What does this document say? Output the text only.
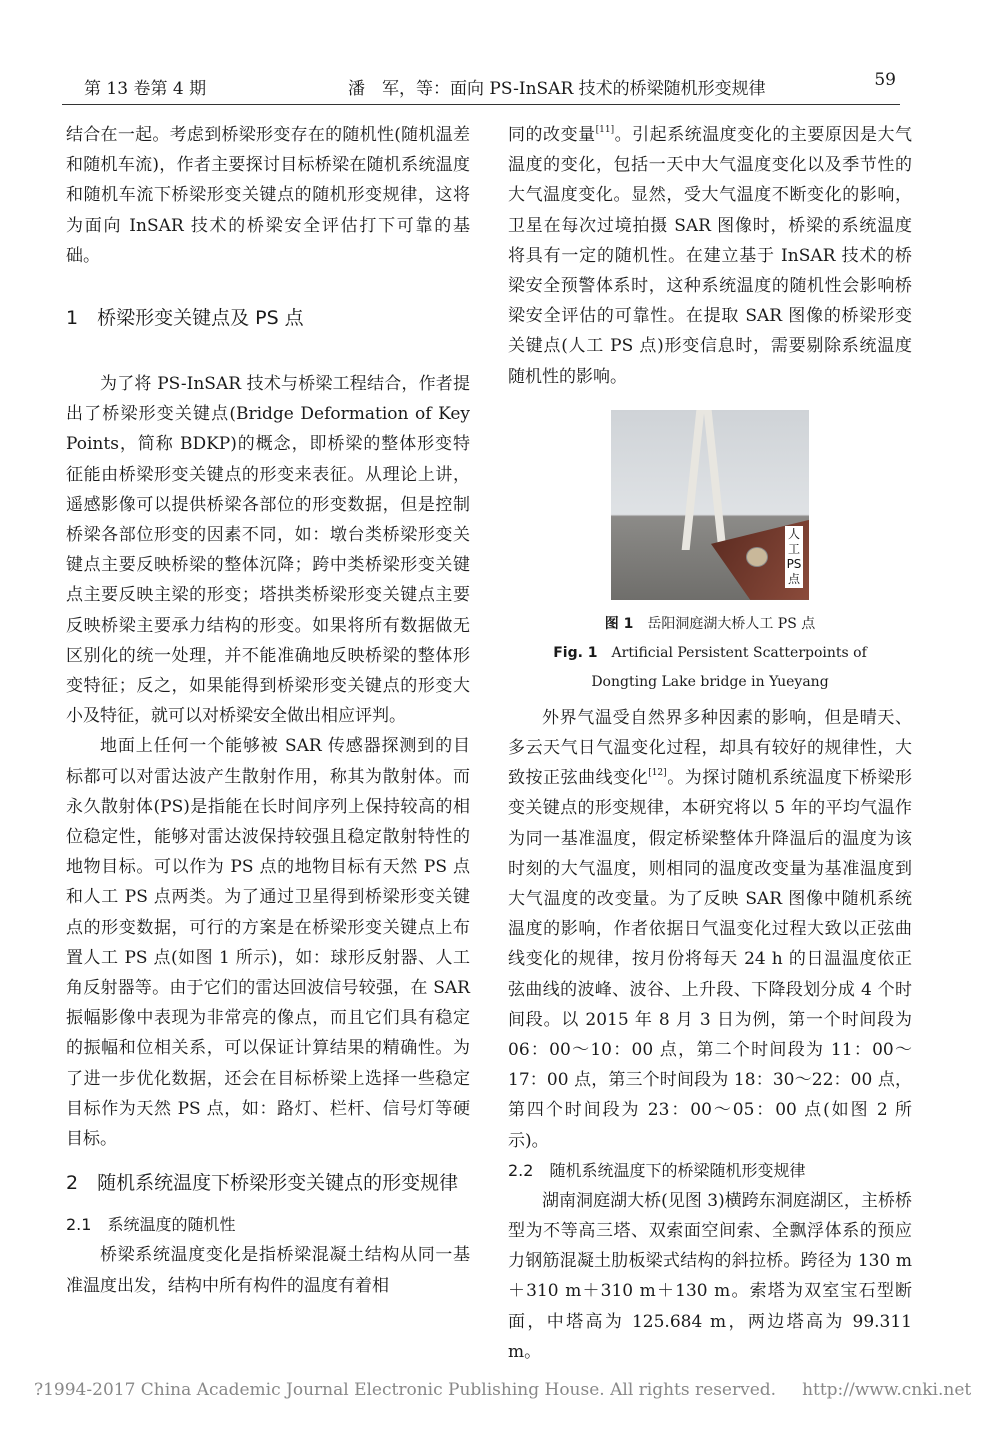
第 13 卷第 4 期	潘　军，等：面向 PS-InSAR 技术的桥梁随机形变规律	59

结合在一起。考虑到桥梁形变存在的随机性(随机温差和随机车流)，作者主要探讨目标桥梁在随机系统温度和随机车流下桥梁形变关键点的随机形变规律，这将为面向 InSAR 技术的桥梁安全评估打下可靠的基础。

1　桥梁形变关键点及 PS 点

为了将 PS-InSAR 技术与桥梁工程结合，作者提出了桥梁形变关键点(Bridge Deformation of Key Points，简称 BDKP)的概念，即桥梁的整体形变特征能由桥梁形变关键点的形变来表征。从理论上讲，遥感影像可以提供桥梁各部位的形变数据，但是控制桥梁各部位形变的因素不同，如：墩台类桥梁形变关键点主要反映桥梁的整体沉降；跨中类桥梁形变关键点主要反映主梁的形变；塔拱类桥梁形变关键点主要反映桥梁主要承力结构的形变。如果将所有数据做无区别化的统一处理，并不能准确地反映桥梁的整体形变特征；反之，如果能得到桥梁形变关键点的形变大小及特征，就可以对桥梁安全做出相应评判。

地面上任何一个能够被 SAR 传感器探测到的目标都可以对雷达波产生散射作用，称其为散射体。而永久散射体(PS)是指能在长时间序列上保持较高的相位稳定性，能够对雷达波保持较强且稳定散射特性的地物目标。可以作为 PS 点的地物目标有天然 PS 点和人工 PS 点两类。为了通过卫星得到桥梁形变关键点的形变数据，可行的方案是在桥梁形变关键点上布置人工 PS 点(如图 1 所示)，如：球形反射器、人工角反射器等。由于它们的雷达回波信号较强，在 SAR 振幅影像中表现为非常亮的像点，而且它们具有稳定的振幅和位相关系，可以保证计算结果的精确性。为了进一步优化数据，还会在目标桥梁上选择一些稳定目标作为天然 PS 点，如：路灯、栏杆、信号灯等硬目标。

2　随机系统温度下桥梁形变关键点的形变规律
2.1　系统温度的随机性

桥梁系统温度变化是指桥梁混凝土结构从同一基准温度出发，结构中所有构件的温度有着相

同的改变量[11]。引起系统温度变化的主要原因是大气温度的变化，包括一天中大气温度变化以及季节性的大气温度变化。显然，受大气温度不断变化的影响，卫星在每次过境拍摄 SAR 图像时，桥梁的系统温度将具有一定的随机性。在建立基于 InSAR 技术的桥梁安全预警体系时，这种系统温度的随机性会影响桥梁安全评估的可靠性。在提取 SAR 图像的桥梁形变关键点(人工 PS 点)形变信息时，需要剔除系统温度随机性的影响。

人工PS点
图 1　 岳阳洞庭湖大桥人工 PS 点
Fig. 1　 Artificial Persistent Scatterpoints of
Dongting Lake bridge in Yueyang

外界气温受自然界多种因素的影响，但是晴天、多云天气日气温变化过程，却具有较好的规律性，大致按正弦曲线变化[12]。为探讨随机系统温度下桥梁形变关键点的形变规律，本研究将以 5 年的平均气温作为同一基准温度，假定桥梁整体升降温后的温度为该时刻的大气温度，则相同的温度改变量为基准温度到大气温度的改变量。为了反映 SAR 图像中随机系统温度的影响，作者依据日气温变化过程大致以正弦曲线变化的规律，按月份将每天 24 h 的日温温度依正弦曲线的波峰、波谷、上升段、下降段划分成 4 个时间段。以 2015 年 8 月 3 日为例，第一个时间段为 06：00～10：00 点，第二个时间段为 11：00～17：00 点，第三个时间段为 18：30～22：00 点，第四个时间段为 23：00～05：00 点(如图 2 所示)。

2.2　随机系统温度下的桥梁随机形变规律

湖南洞庭湖大桥(见图 3)横跨东洞庭湖区，主桥桥型为不等高三塔、双索面空间索、全飘浮体系的预应力钢筋混凝土肋板梁式结构的斜拉桥。跨径为 130 m＋310 m＋310 m＋130 m。索塔为双室宝石型断面，中塔高为 125.684 m，两边塔高为 99.311 m。

?1994-2017 China Academic Journal Electronic Publishing House. All rights reserved. http://www.cnki.net
